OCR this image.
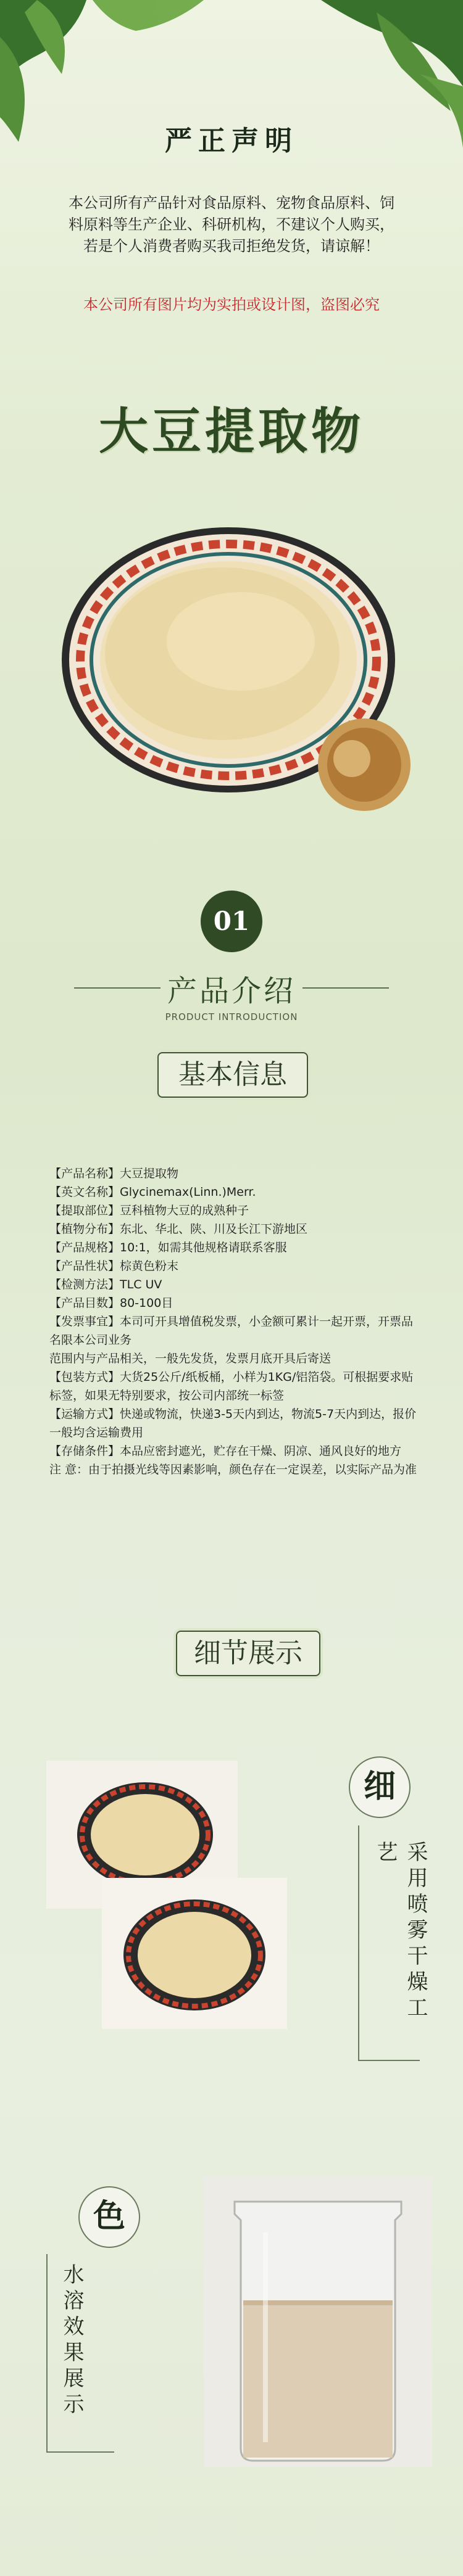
严正声明
本公司所有产品针对食品原料、宠物食品原料、饲料原料等生产企业、科研机构，不建议个人购买，若是个人消费者购买我司拒绝发货，请谅解！
本公司所有图片均为实拍或设计图，盗图必究
大豆提取物
01
产品介绍
PRODUCT INTRODUCTION
基本信息
【产品名称】大豆提取物
【英文名称】Glycinemax(Linn.)Merr.
【提取部位】豆科植物大豆的成熟种子
【植物分布】东北、华北、陕、川及长江下游地区
【产品规格】10:1，如需其他规格请联系客服
【产品性状】棕黄色粉末
【检测方法】TLC UV
【产品目数】80-100目
【发票事宜】本司可开具增值税发票，小金额可累计一起开票，开票品名限本公司业务
范围内与产品相关，一般先发货，发票月底开具后寄送
【包装方式】大货25公斤/纸板桶，小样为1KG/铝箔袋。可根据要求贴标签，如果无特别要求，按公司内部统一标签
【运输方式】快递或物流，快递3-5天内到达，物流5-7天内到达，报价一般均含运输费用
【存储条件】本品应密封遮光，贮存在干燥、阴凉、通风良好的地方
注 意：由于拍摄光线等因素影响，颜色存在一定误差，以实际产品为准
细节展示
细
采用喷雾干燥工艺
色
水溶效果展示
